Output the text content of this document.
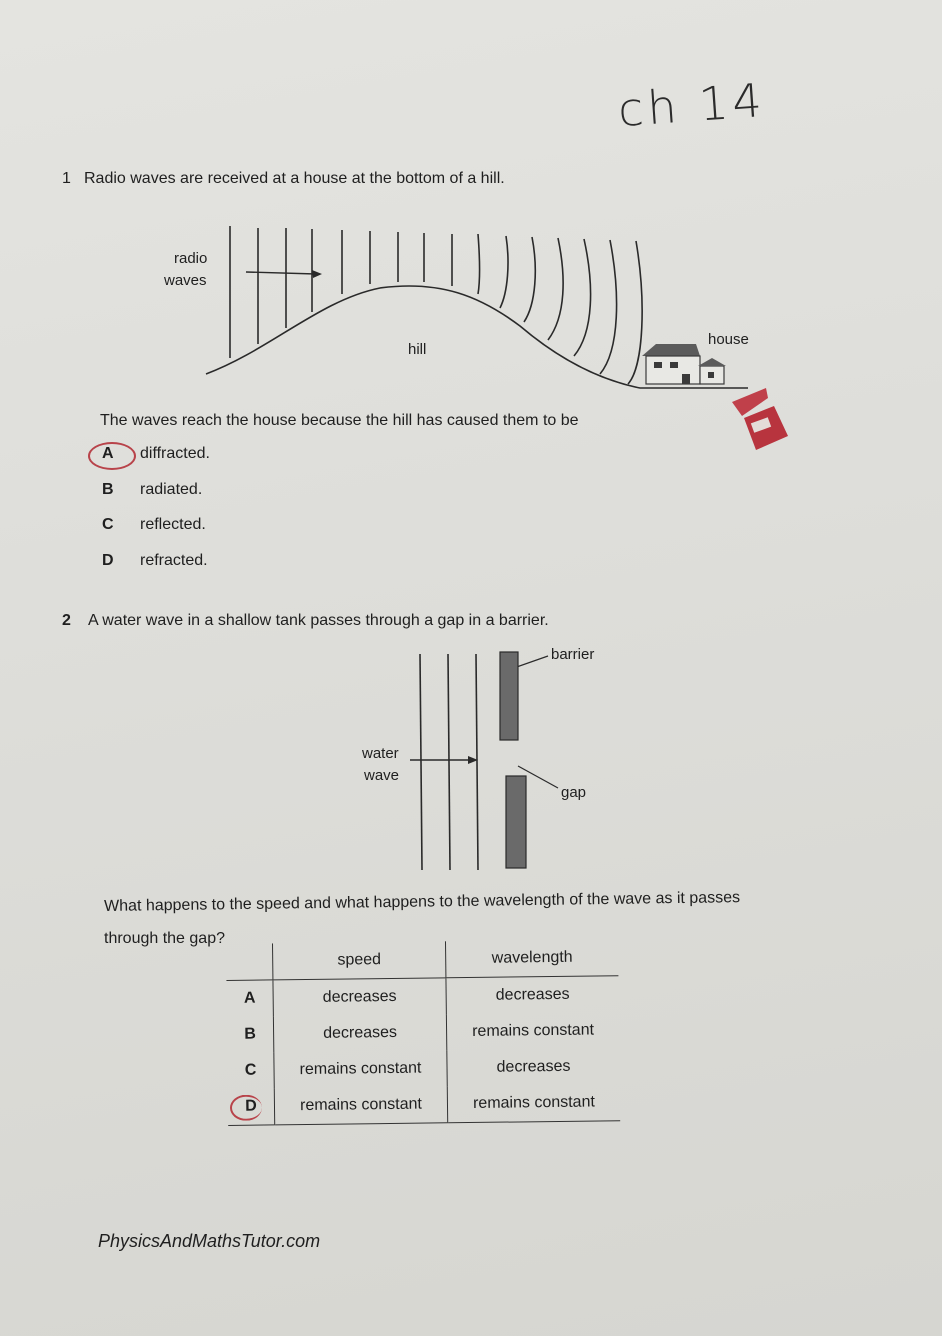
ch 14
1 Radio waves are received at a house at the bottom of a hill.
radio
waves
hill
house
The waves reach the house because the hill has caused them to be
A diffracted.
B radiated.
C reflected.
D refracted.
2 A water wave in a shallow tank passes through a gap in a barrier.
barrier
water
wave
gap
What happens to the speed and what happens to the wavelength of the wave as it passes
through the gap?
	speed	wavelength
A	decreases	decreases
B	decreases	remains constant
C	remains constant	decreases
D	remains constant	remains constant
PhysicsAndMathsTutor.com
